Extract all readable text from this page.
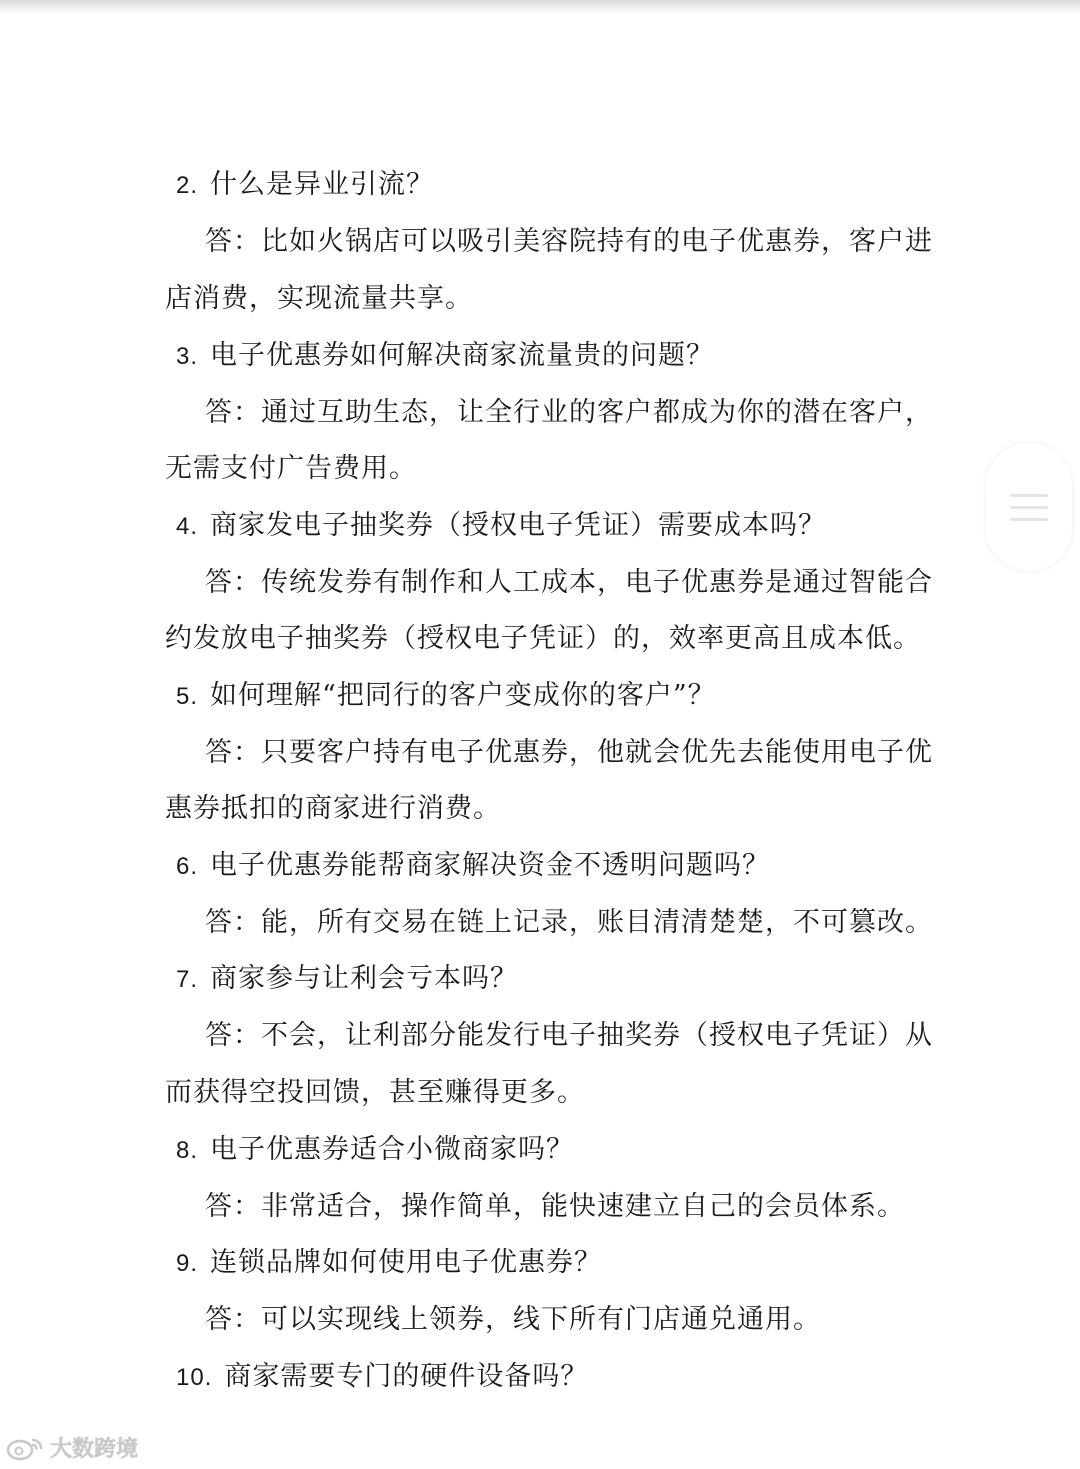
2. 什么是异业引流？
答：比如火锅店可以吸引美容院持有的电子优惠券，客户进
店消费，实现流量共享。
3. 电子优惠券如何解决商家流量贵的问题？
答：通过互助生态，让全行业的客户都成为你的潜在客户，
无需支付广告费用。
4. 商家发电子抽奖券（授权电子凭证）需要成本吗？
答：传统发券有制作和人工成本，电子优惠券是通过智能合
约发放电子抽奖券（授权电子凭证）的，效率更高且成本低。
5. 如何理解“把同行的客户变成你的客户”？
答：只要客户持有电子优惠券，他就会优先去能使用电子优
惠券抵扣的商家进行消费。
6. 电子优惠券能帮商家解决资金不透明问题吗？
答：能，所有交易在链上记录，账目清清楚楚，不可篡改。
7. 商家参与让利会亏本吗？
答：不会，让利部分能发行电子抽奖券（授权电子凭证）从
而获得空投回馈，甚至赚得更多。
8. 电子优惠券适合小微商家吗？
答：非常适合，操作简单，能快速建立自己的会员体系。
9. 连锁品牌如何使用电子优惠券？
答：可以实现线上领券，线下所有门店通兑通用。
10. 商家需要专门的硬件设备吗？
大数跨境
